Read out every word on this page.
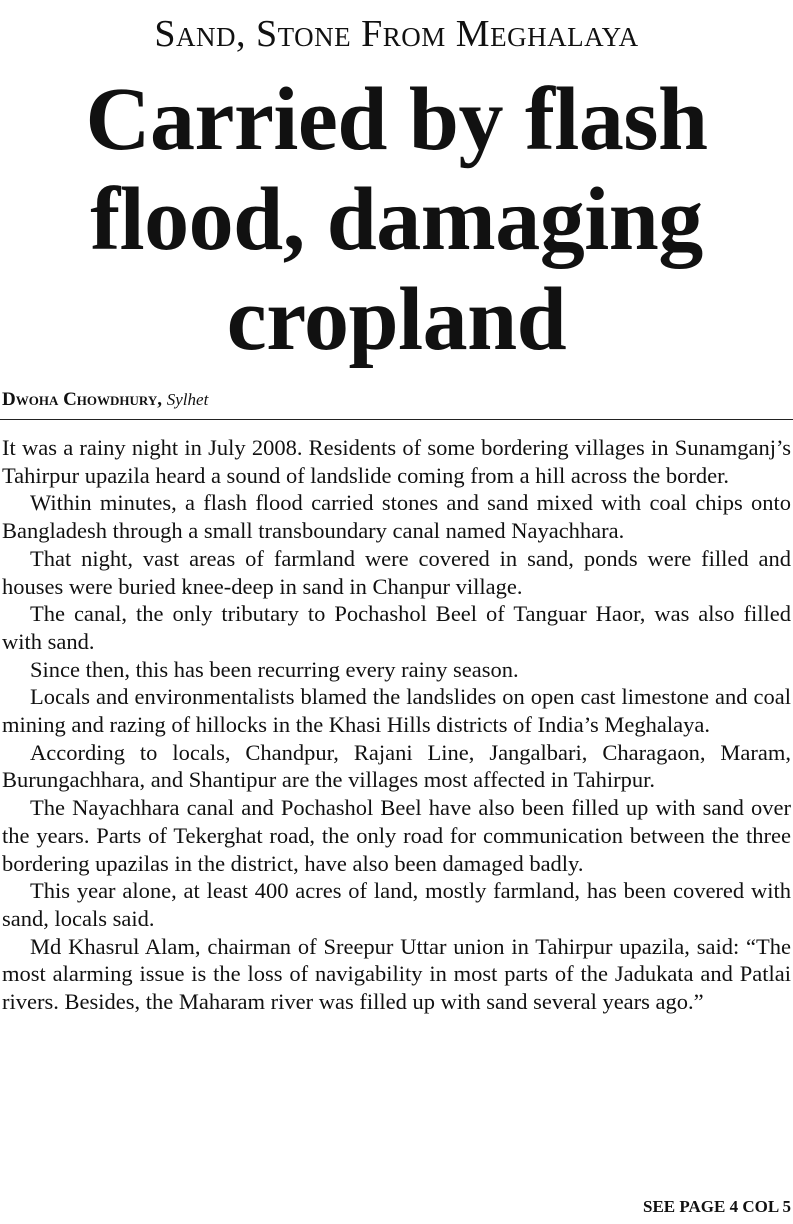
Sand, Stone From Meghalaya
Carried by flash
flood, damaging
cropland
Dwoha Chowdhury, Sylhet

It was a rainy night in July 2008. Residents of some bordering villages in Sunamganj’s Tahirpur upazila heard a sound of landslide coming from a hill across the border.

Within minutes, a flash flood carried stones and sand mixed with coal chips onto Bangladesh through a small transboundary canal named Nayachhara.

That night, vast areas of farmland were covered in sand, ponds were filled and houses were buried knee-deep in sand in Chanpur village.

The canal, the only tributary to Pochashol Beel of Tanguar Haor, was also filled with sand.

Since then, this has been recurring every rainy season.

Locals and environmentalists blamed the landslides on open cast limestone and coal mining and razing of hillocks in the Khasi Hills districts of India’s Meghalaya.

According to locals, Chandpur, Rajani Line, Jangalbari, Charagaon, Maram, Burungachhara, and Shantipur are the villages most affected in Tahirpur.

The Nayachhara canal and Pochashol Beel have also been filled up with sand over the years. Parts of Tekerghat road, the only road for communication between the three bordering upazilas in the district, have also been damaged badly.

This year alone, at least 400 acres of land, mostly farmland, has been covered with sand, locals said.

Md Khasrul Alam, chairman of Sreepur Uttar union in Tahirpur upazila, said: “The most alarming issue is the loss of navigability in most parts of the Jadukata and Patlai rivers. Besides, the Maharam river was filled up with sand several years ago.”

SEE PAGE 4 COL 5
